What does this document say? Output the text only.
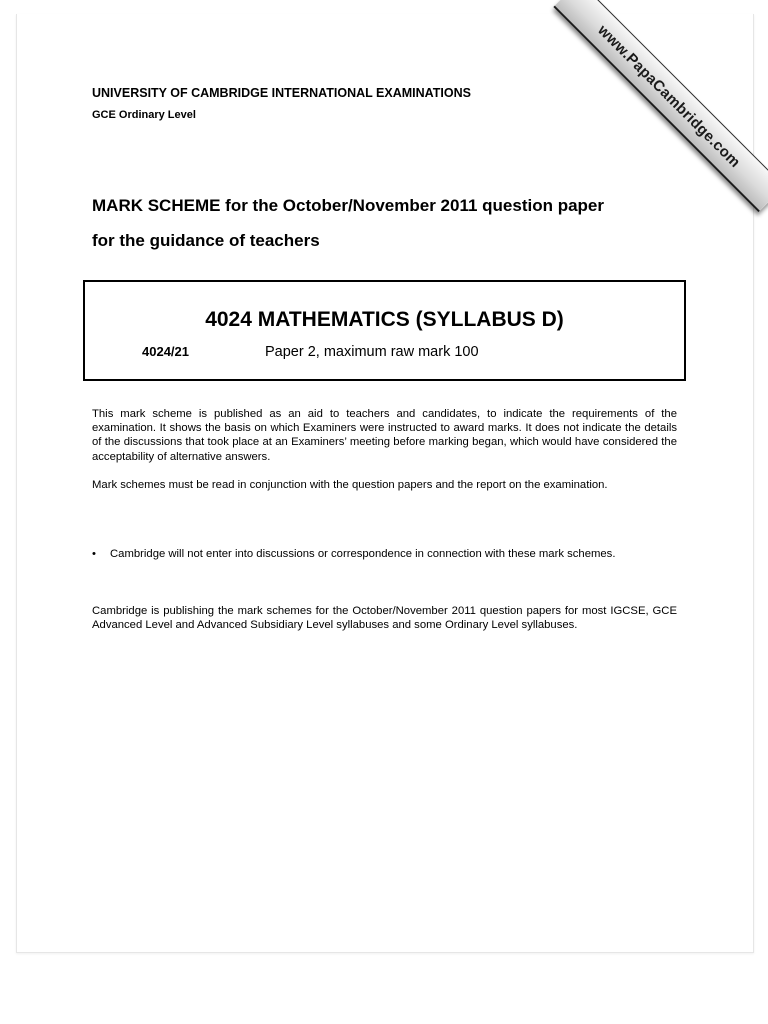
UNIVERSITY OF CAMBRIDGE INTERNATIONAL EXAMINATIONS
GCE Ordinary Level
MARK SCHEME for the October/November 2011 question paper
for the guidance of teachers
4024 MATHEMATICS (SYLLABUS D)
4024/21	Paper 2, maximum raw mark 100
This mark scheme is published as an aid to teachers and candidates, to indicate the requirements of the examination. It shows the basis on which Examiners were instructed to award marks. It does not indicate the details of the discussions that took place at an Examiners’ meeting before marking began, which would have considered the acceptability of alternative answers.
Mark schemes must be read in conjunction with the question papers and the report on the examination.
• Cambridge will not enter into discussions or correspondence in connection with these mark schemes.
Cambridge is publishing the mark schemes for the October/November 2011 question papers for most IGCSE, GCE Advanced Level and Advanced Subsidiary Level syllabuses and some Ordinary Level syllabuses.
www.PapaCambridge.com
